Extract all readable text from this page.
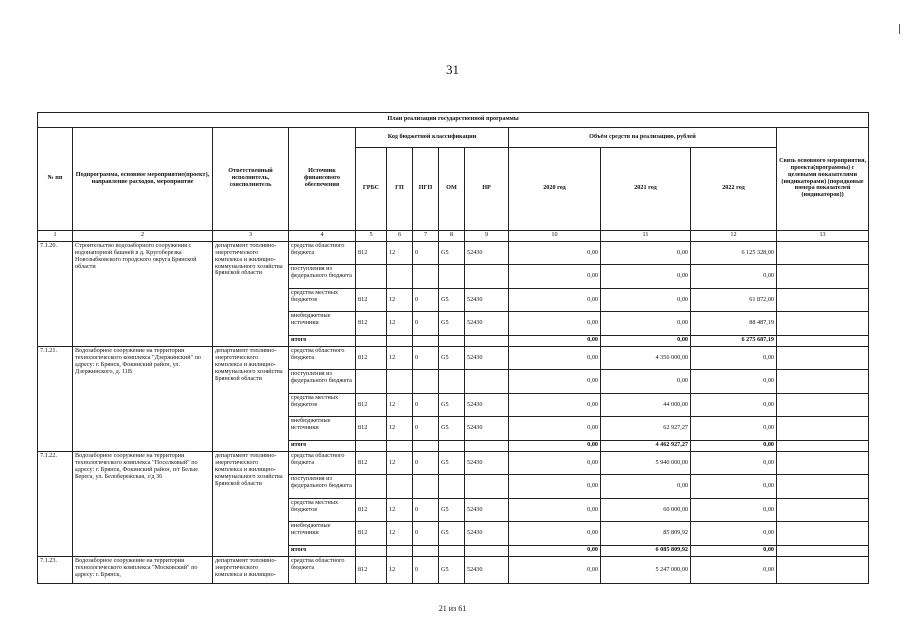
31
План реализации государственной программы												
№ пп	Подпрограмма, основное мероприятие(проект), направление расходов, мероприятие	Ответственный исполнитель, соисполнитель	Источник финансового обеспечения	Код бюджетной классификации					Объём средств на реализацию, рублей			Связь основного мероприятия, проекта(программы) с целевыми показателями (индикаторами) (порядковые номера показателей (индикаторов))
				ГРБС	ГП	ПГП	ОМ	НР	2020 год	2021 год	2022 год	
1	2	3	4	5	6	7	8	9	10	11	12	13
7.1.20.	Строительство водозаборного сооружения с водонапорной башней в д. Кругоберезка Новозыбковского городского округа Брянской области	департамент топливно-энергетического комплекса и жилищно-коммунального хозяйства Брянской области	средства областного бюджета	812	12	0	G5	52430	0,00	0,00	6 125 328,00	
			поступления из федерального бюджета						0,00	0,00	0,00	
			средства местных бюджетов	812	12	0	G5	52430	0,00	0,00	61 872,00	
			внебюджетные источники	812	12	0	G5	52430	0,00	0,00	88 487,19	
			итого						0,00	0,00	6 275 687,19	
7.1.21.	Водозаборное сооружение на территории технологического комплекса "Дзержинский" по адресу: г. Брянск, Фокинский район, ул. Дзержинского, д. 11В	департамент топливно-энергетического комплекса и жилищно-коммунального хозяйства Брянской области	средства областного бюджета	812	12	0	G5	52430	0,00	4 356 000,00	0,00	
			поступления из федерального бюджета						0,00	0,00	0,00	
			средства местных бюджетов	812	12	0	G5	52430	0,00	44 000,00	0,00	
			внебюджетные источники	812	12	0	G5	52430	0,00	62 927,27	0,00	
			итого						0,00	4 462 927,27	0,00	
7.1.22.	Водозаборное сооружение на территории технологического комплекса "Поселковый" по адресу: г. Брянск, Фокинский район, п/г Белые Берега, ул. Белобережская, з/д 36	департамент топливно-энергетического комплекса и жилищно-коммунального хозяйства Брянской области	средства областного бюджета	812	12	0	G5	52430	0,00	5 940 000,00	0,00	
			поступления из федерального бюджета						0,00	0,00	0,00	
			средства местных бюджетов	812	12	0	G5	52430	0,00	60 000,00	0,00	
			внебюджетные источники	812	12	0	G5	52430	0,00	85 809,92	0,00	
			итого						0,00	6 085 809,92	0,00	
7.1.23.	Водозаборное сооружение на территории технологического комплекса "Московский" по адресу: г. Брянск,	департамент топливно-энергетического комплекса и жилищно-	средства областного бюджета	812	12	0	G5	52430	0,00	5 247 000,00	0,00	
21 из 61
